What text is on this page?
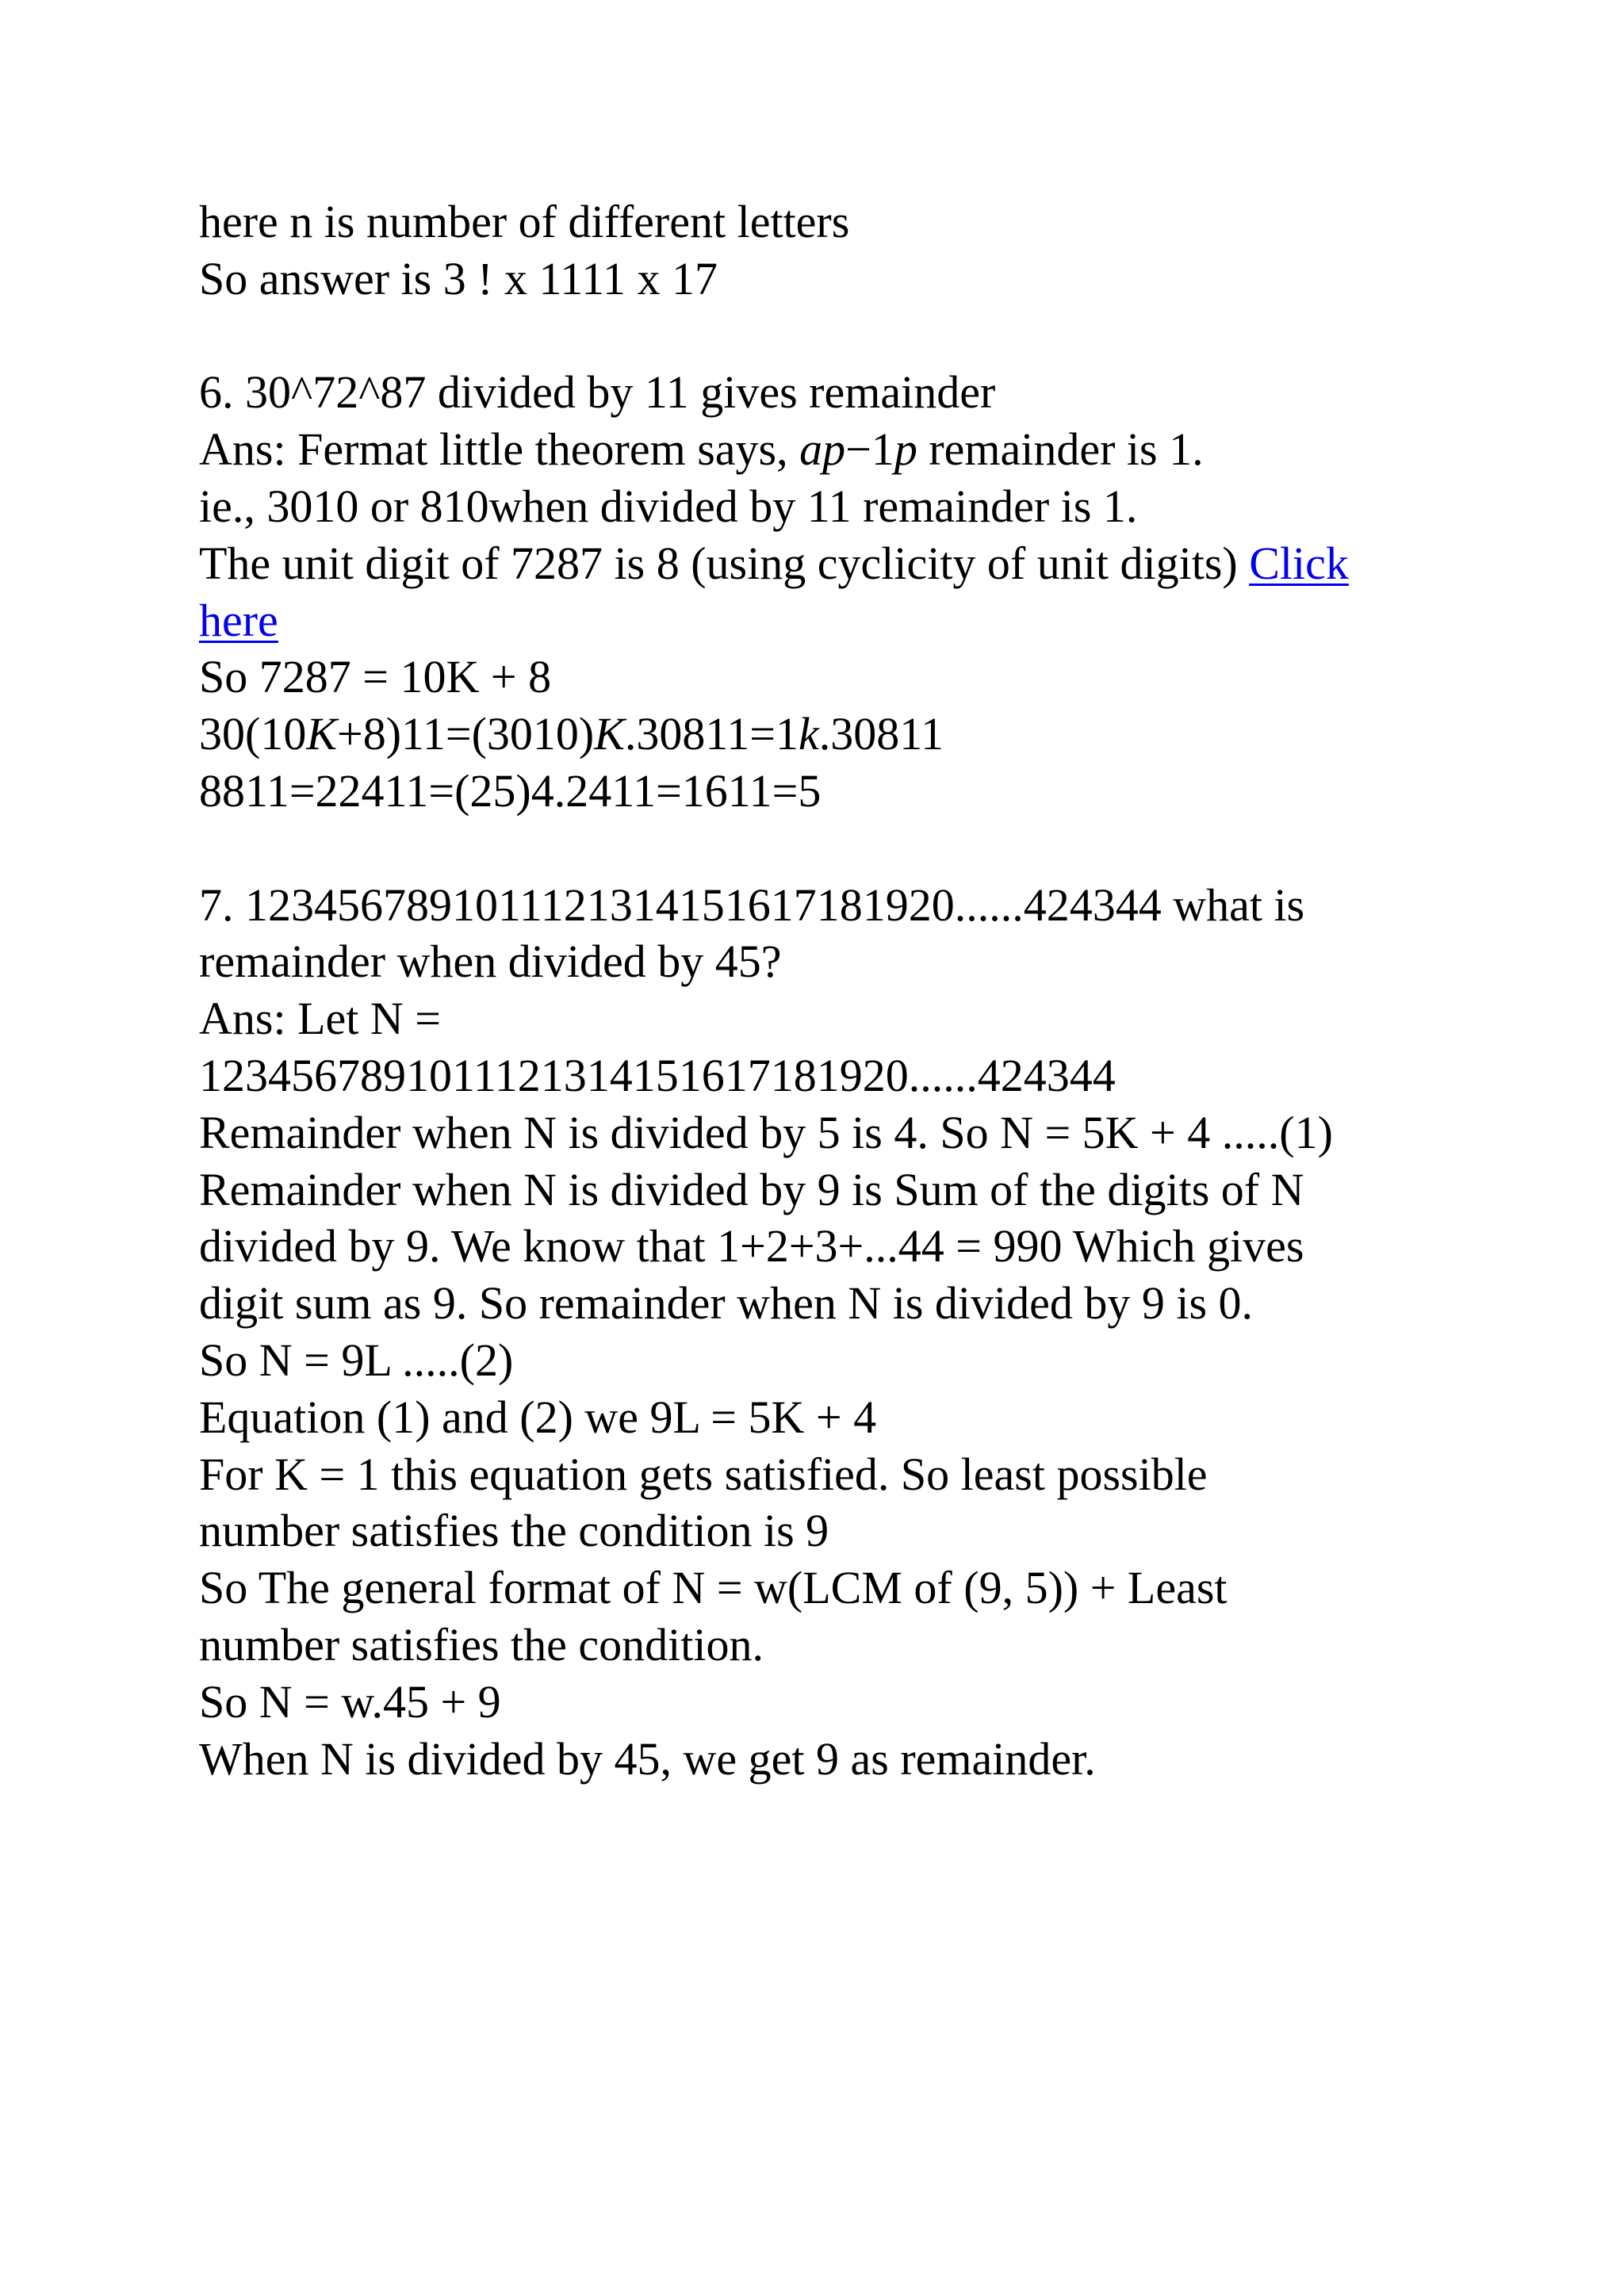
here n is number of different letters
So answer is 3 ! x 1111 x 17
6. 30^72^87 divided by 11 gives remainder
Ans: Fermat little theorem says, ap−1p remainder is 1.
ie., 3010 or 810when divided by 11 remainder is 1.
The unit digit of 7287 is 8 (using cyclicity of unit digits) Click
here
So 7287 = 10K + 8
30(10K+8)11=(3010)K.30811=1k.30811
8811=22411=(25)4.2411=1611=5
7. 1234567891011121314151617181920......424344 what is
remainder when divided by 45?
Ans: Let N =
1234567891011121314151617181920......424344
Remainder when N is divided by 5 is 4. So N = 5K + 4 .....(1)
Remainder when N is divided by 9 is Sum of the digits of N
divided by 9. We know that 1+2+3+...44 = 990 Which gives
digit sum as 9. So remainder when N is divided by 9 is 0.
So N = 9L .....(2)
Equation (1) and (2) we 9L = 5K + 4
For K = 1 this equation gets satisfied. So least possible
number satisfies the condition is 9
So The general format of N = w(LCM of (9, 5)) + Least
number satisfies the condition.
So N = w.45 + 9
When N is divided by 45, we get 9 as remainder.
